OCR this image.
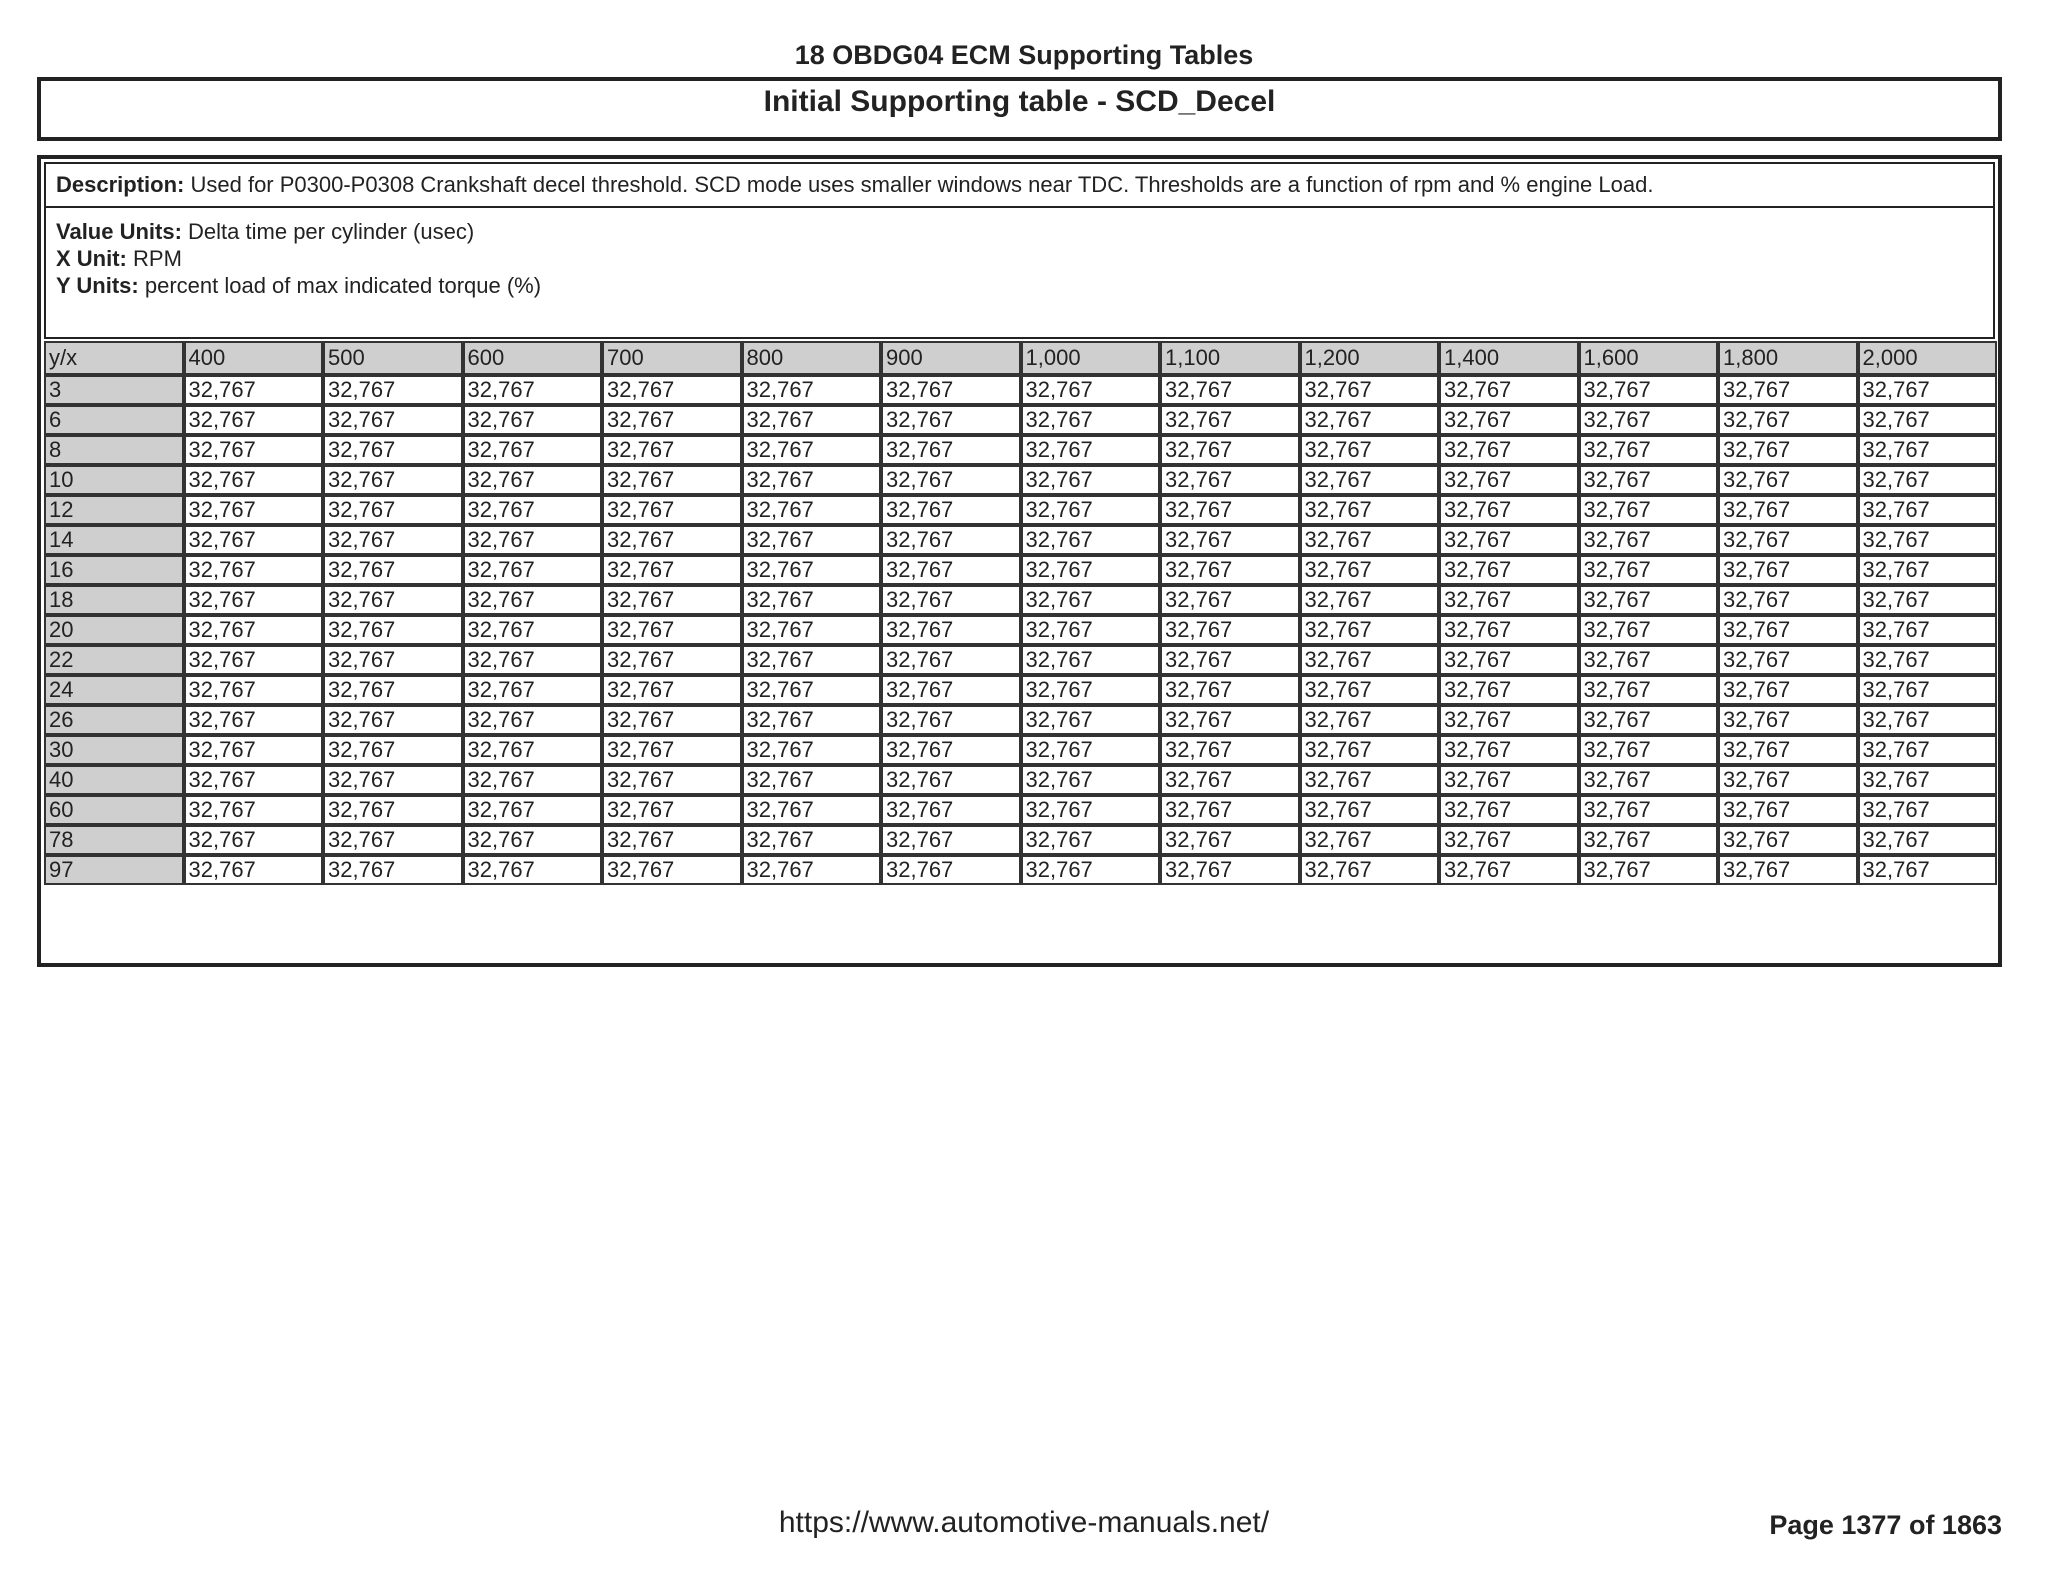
18 OBDG04 ECM Supporting Tables
Initial Supporting table - SCD_Decel
Description: Used for P0300-P0308 Crankshaft decel threshold. SCD mode uses smaller windows near TDC. Thresholds are a function of rpm and % engine Load.
Value Units: Delta time per cylinder (usec)
X Unit: RPM
Y Units: percent load of max indicated torque (%)
y/x	400	500	600	700	800	900	1,000	1,100	1,200	1,400	1,600	1,800	2,000
3	32,767	32,767	32,767	32,767	32,767	32,767	32,767	32,767	32,767	32,767	32,767	32,767	32,767
6	32,767	32,767	32,767	32,767	32,767	32,767	32,767	32,767	32,767	32,767	32,767	32,767	32,767
8	32,767	32,767	32,767	32,767	32,767	32,767	32,767	32,767	32,767	32,767	32,767	32,767	32,767
10	32,767	32,767	32,767	32,767	32,767	32,767	32,767	32,767	32,767	32,767	32,767	32,767	32,767
12	32,767	32,767	32,767	32,767	32,767	32,767	32,767	32,767	32,767	32,767	32,767	32,767	32,767
14	32,767	32,767	32,767	32,767	32,767	32,767	32,767	32,767	32,767	32,767	32,767	32,767	32,767
16	32,767	32,767	32,767	32,767	32,767	32,767	32,767	32,767	32,767	32,767	32,767	32,767	32,767
18	32,767	32,767	32,767	32,767	32,767	32,767	32,767	32,767	32,767	32,767	32,767	32,767	32,767
20	32,767	32,767	32,767	32,767	32,767	32,767	32,767	32,767	32,767	32,767	32,767	32,767	32,767
22	32,767	32,767	32,767	32,767	32,767	32,767	32,767	32,767	32,767	32,767	32,767	32,767	32,767
24	32,767	32,767	32,767	32,767	32,767	32,767	32,767	32,767	32,767	32,767	32,767	32,767	32,767
26	32,767	32,767	32,767	32,767	32,767	32,767	32,767	32,767	32,767	32,767	32,767	32,767	32,767
30	32,767	32,767	32,767	32,767	32,767	32,767	32,767	32,767	32,767	32,767	32,767	32,767	32,767
40	32,767	32,767	32,767	32,767	32,767	32,767	32,767	32,767	32,767	32,767	32,767	32,767	32,767
60	32,767	32,767	32,767	32,767	32,767	32,767	32,767	32,767	32,767	32,767	32,767	32,767	32,767
78	32,767	32,767	32,767	32,767	32,767	32,767	32,767	32,767	32,767	32,767	32,767	32,767	32,767
97	32,767	32,767	32,767	32,767	32,767	32,767	32,767	32,767	32,767	32,767	32,767	32,767	32,767
https://www.automotive-manuals.net/	Page 1377 of 1863
